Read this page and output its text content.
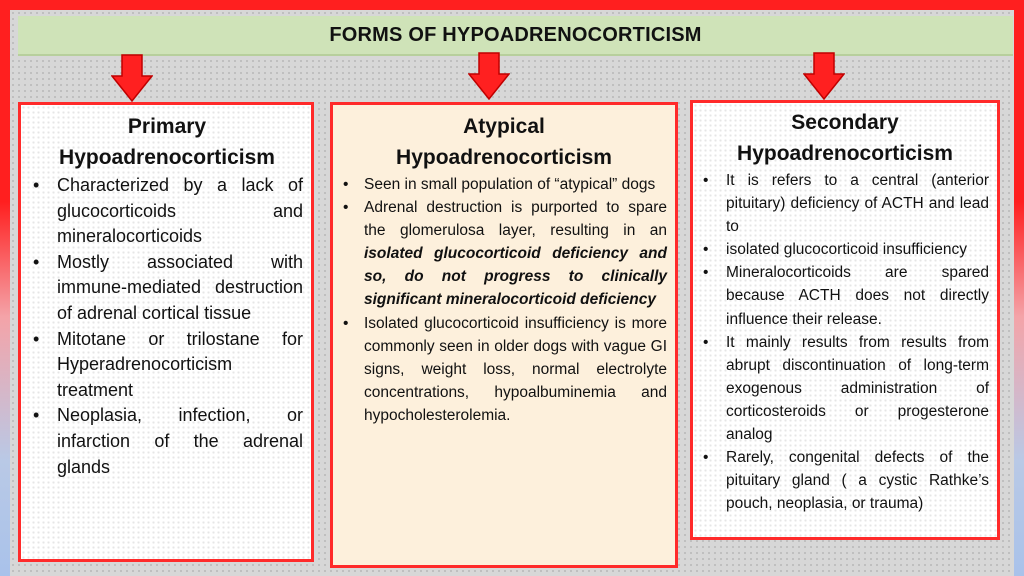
FORMS OF HYPOADRENOCORTICISM
Primary
Hypoadrenocorticism
• Characterized by a lack of glucocorticoids and mineralocorticoids
• Mostly associated with immune-mediated destruction of adrenal cortical tissue
• Mitotane or trilostane for Hyperadrenocorticism treatment
• Neoplasia, infection, or infarction of the adrenal glands
Atypical
Hypoadrenocorticism
• Seen in small population of “atypical” dogs
• Adrenal destruction is purported to spare the glomerulosa layer, resulting in an isolated glucocorticoid deficiency and so, do not progress to clinically significant mineralocorticoid deficiency
• Isolated glucocorticoid insufficiency is more commonly seen in older dogs with vague GI signs, weight loss, normal electrolyte concentrations, hypoalbuminemia and hypocholesterolemia.
Secondary
Hypoadrenocorticism
• It is refers to a central (anterior pituitary) deficiency of ACTH and lead to
• isolated glucocorticoid insufficiency
• Mineralocorticoids are spared because ACTH does not directly influence their release.
• It mainly results from results from abrupt discontinuation of long-term exogenous administration of corticosteroids or progesterone analog
• Rarely, congenital defects of the pituitary gland ( a cystic Rathke’s pouch, neoplasia, or trauma)
